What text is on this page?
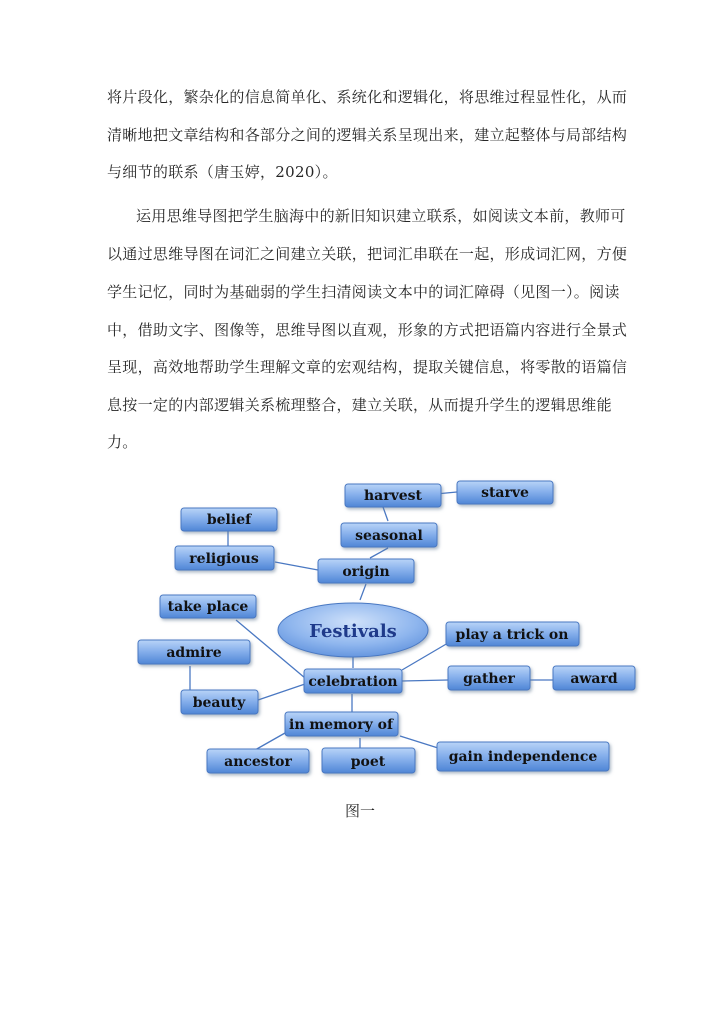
将片段化，繁杂化的信息简单化、系统化和逻辑化，将思维过程显性化，从而
清晰地把文章结构和各部分之间的逻辑关系呈现出来，建立起整体与局部结构
与细节的联系（唐玉婷，2020）。
运用思维导图把学生脑海中的新旧知识建立联系，如阅读文本前，教师可
以通过思维导图在词汇之间建立关联，把词汇串联在一起，形成词汇网，方便
学生记忆，同时为基础弱的学生扫清阅读文本中的词汇障碍（见图一）。阅读
中，借助文字、图像等，思维导图以直观，形象的方式把语篇内容进行全景式
呈现，高效地帮助学生理解文章的宏观结构，提取关键信息，将零散的语篇信
息按一定的内部逻辑关系梳理整合，建立关联，从而提升学生的逻辑思维能
力。
Festivals
harvest	starve
belief
seasonal
religious
origin
take place
play a trick on
admire
celebration	gather	award
beauty
in memory of
ancestor	poet	gain independence
图一
